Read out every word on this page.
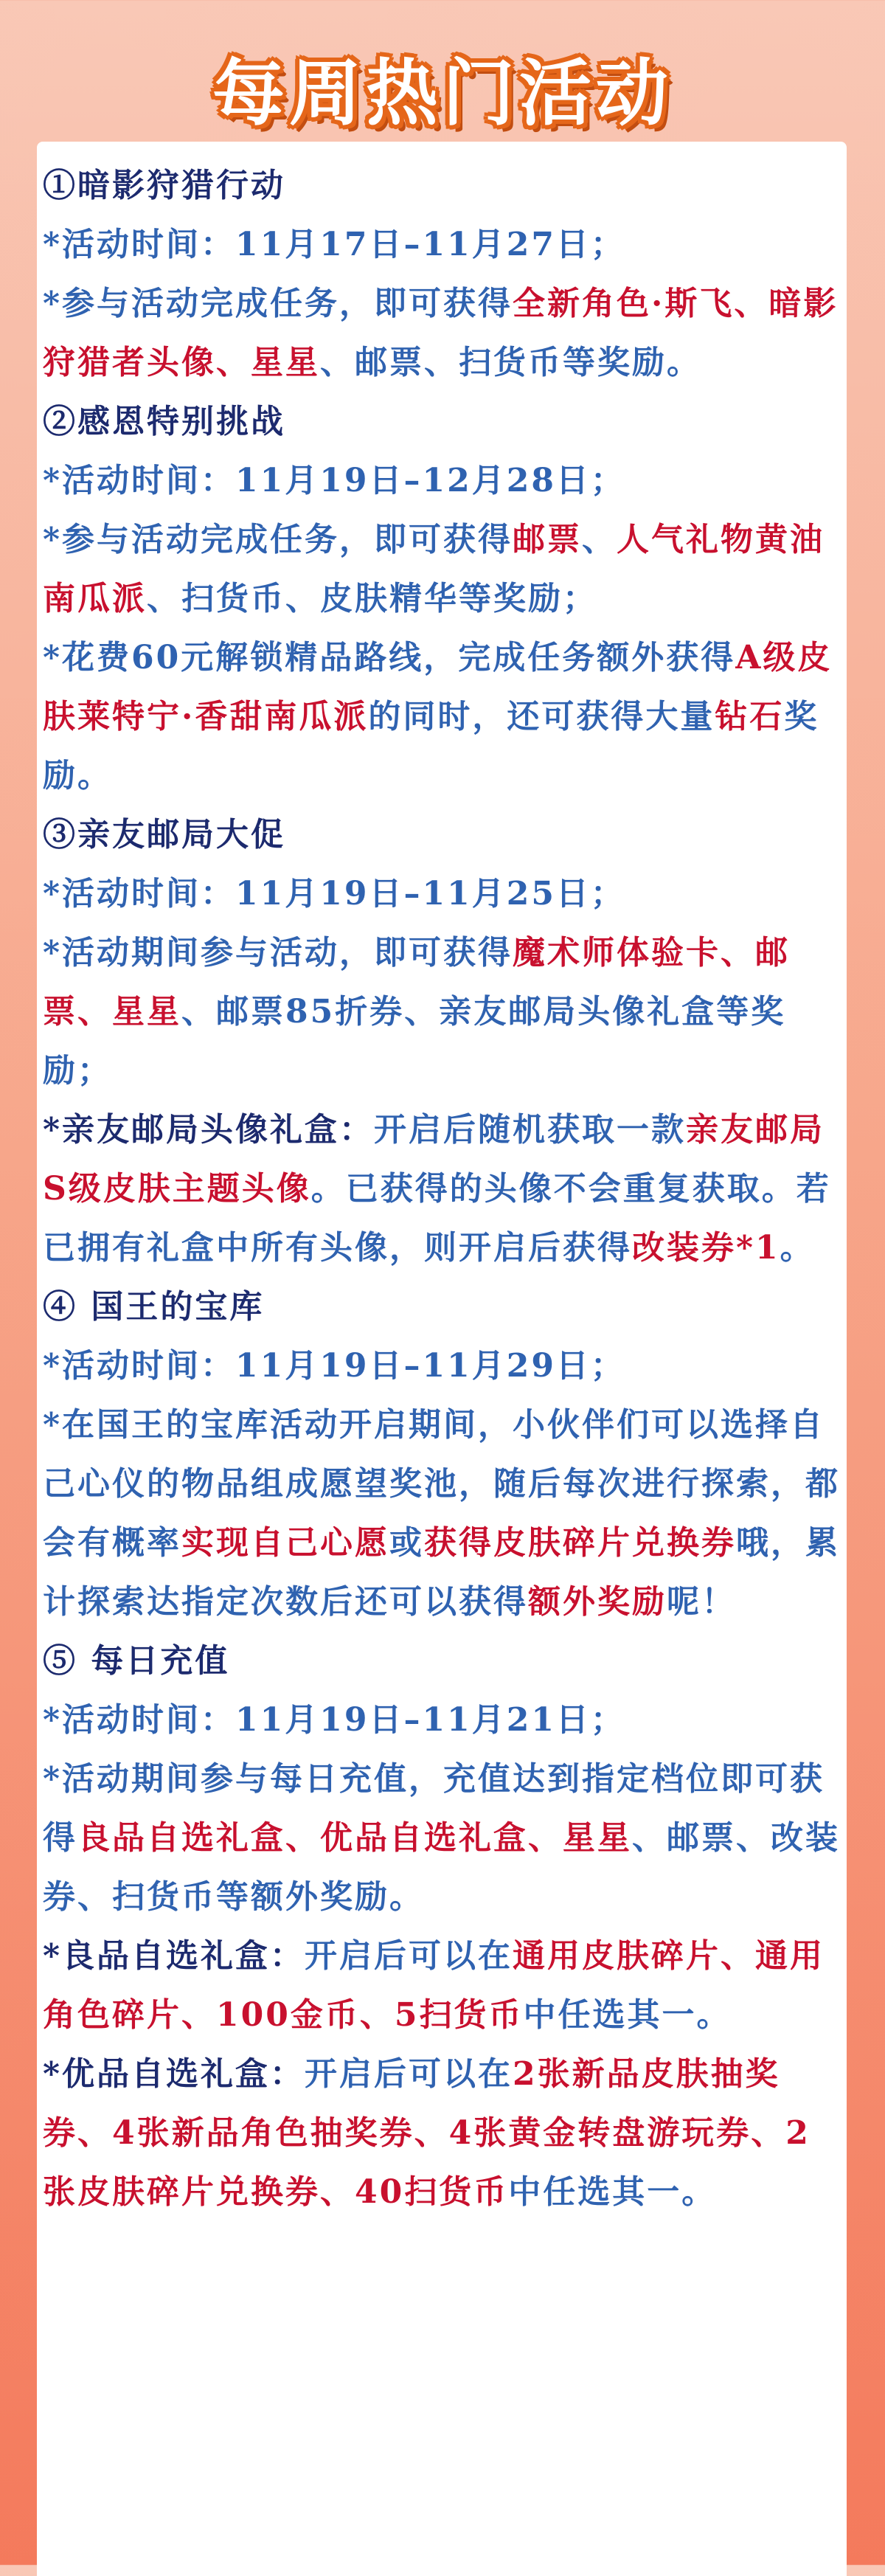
每周热门活动

①暗影狩猎行动

*活动时间：11月17日–11月27日；

*参与活动完成任务，即可获得全新角色·斯飞、暗影狩猎者头像、星星、邮票、扫货币等奖励。

②感恩特别挑战

*活动时间：11月19日–12月28日；

*参与活动完成任务，即可获得邮票、人气礼物黄油南瓜派、扫货币、皮肤精华等奖励；

*花费60元解锁精品路线，完成任务额外获得A级皮肤莱特宁·香甜南瓜派的同时，还可获得大量钻石奖励。

③亲友邮局大促

*活动时间：11月19日–11月25日；

*活动期间参与活动，即可获得魔术师体验卡、邮票、星星、邮票85折券、亲友邮局头像礼盒等奖励；

*亲友邮局头像礼盒：开启后随机获取一款亲友邮局S级皮肤主题头像。已获得的头像不会重复获取。若已拥有礼盒中所有头像，则开启后获得改装券*1。

④ 国王的宝库

*活动时间：11月19日–11月29日；

*在国王的宝库活动开启期间，小伙伴们可以选择自己心仪的物品组成愿望奖池，随后每次进行探索，都会有概率实现自己心愿或获得皮肤碎片兑换券哦，累计探索达指定次数后还可以获得额外奖励呢！

⑤ 每日充值

*活动时间：11月19日–11月21日；

*活动期间参与每日充值，充值达到指定档位即可获得良品自选礼盒、优品自选礼盒、星星、邮票、改装券、扫货币等额外奖励。

*良品自选礼盒：开启后可以在通用皮肤碎片、通用角色碎片、100金币、5扫货币中任选其一。

*优品自选礼盒：开启后可以在2张新品皮肤抽奖券、4张新品角色抽奖券、4张黄金转盘游玩券、2张皮肤碎片兑换券、40扫货币中任选其一。
